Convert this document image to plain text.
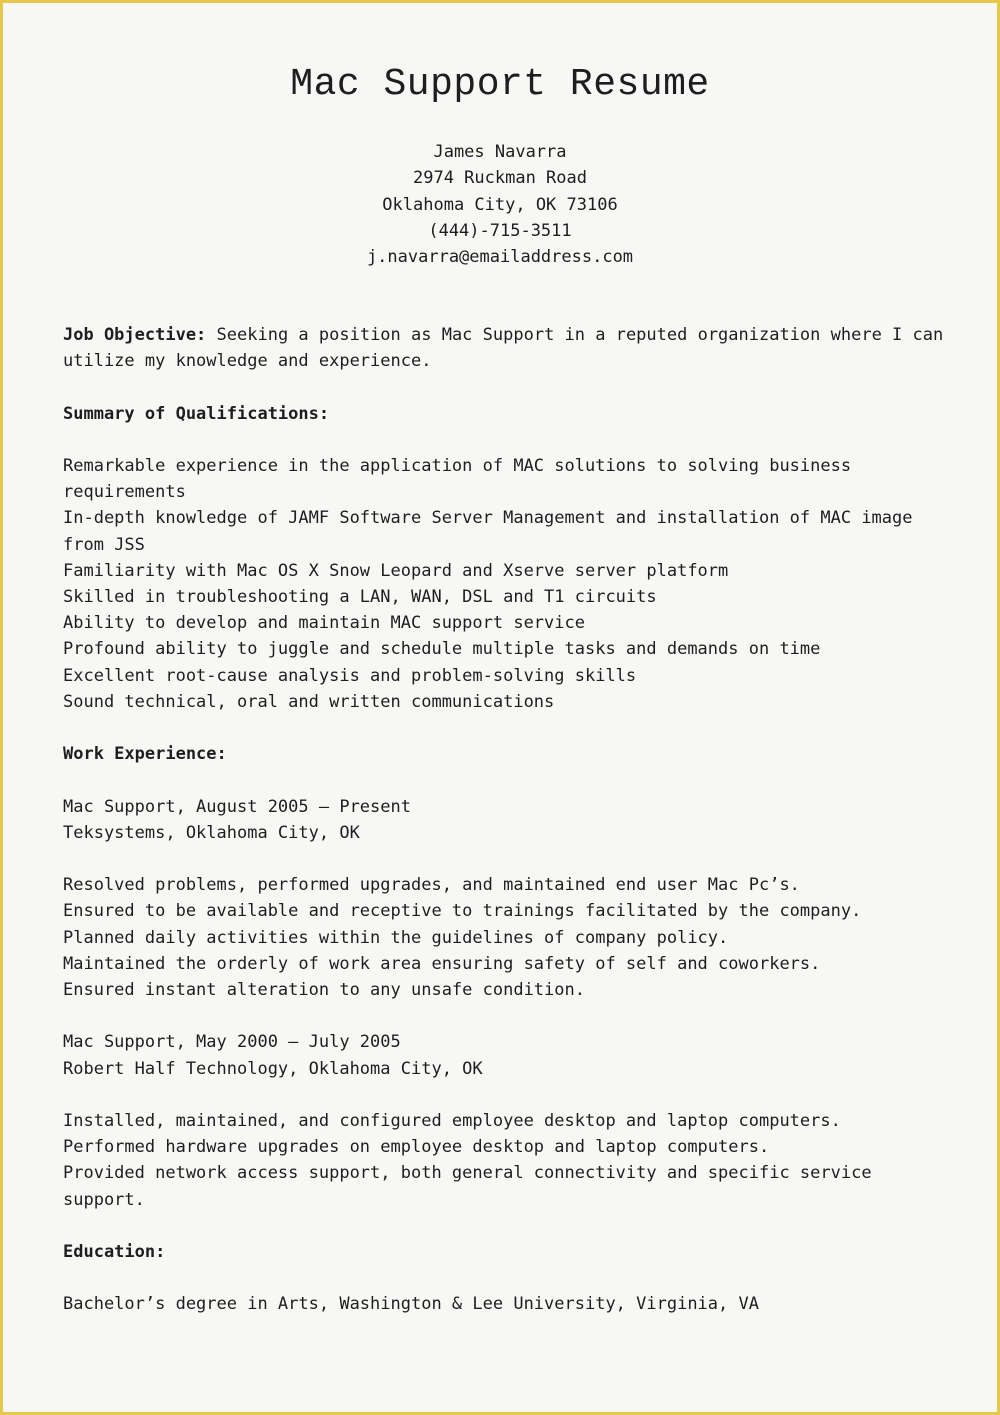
Mac Support Resume
James Navarra
2974 Ruckman Road
Oklahoma City, OK 73106
(444)-715-3511
j.navarra@emailaddress.com
Job Objective: Seeking a position as Mac Support in a reputed organization where I can utilize my knowledge and experience.
Summary of Qualifications:
Remarkable experience in the application of MAC solutions to solving business requirements
In-depth knowledge of JAMF Software Server Management and installation of MAC image from JSS
Familiarity with Mac OS X Snow Leopard and Xserve server platform
Skilled in troubleshooting a LAN, WAN, DSL and T1 circuits
Ability to develop and maintain MAC support service
Profound ability to juggle and schedule multiple tasks and demands on time
Excellent root-cause analysis and problem-solving skills
Sound technical, oral and written communications
Work Experience:
Mac Support, August 2005 – Present
Teksystems, Oklahoma City, OK
Resolved problems, performed upgrades, and maintained end user Mac Pc’s.
Ensured to be available and receptive to trainings facilitated by the company.
Planned daily activities within the guidelines of company policy.
Maintained the orderly of work area ensuring safety of self and coworkers.
Ensured instant alteration to any unsafe condition.
Mac Support, May 2000 – July 2005
Robert Half Technology, Oklahoma City, OK
Installed, maintained, and configured employee desktop and laptop computers.
Performed hardware upgrades on employee desktop and laptop computers.
Provided network access support, both general connectivity and specific service support.
Education:
Bachelor’s degree in Arts, Washington & Lee University, Virginia, VA
